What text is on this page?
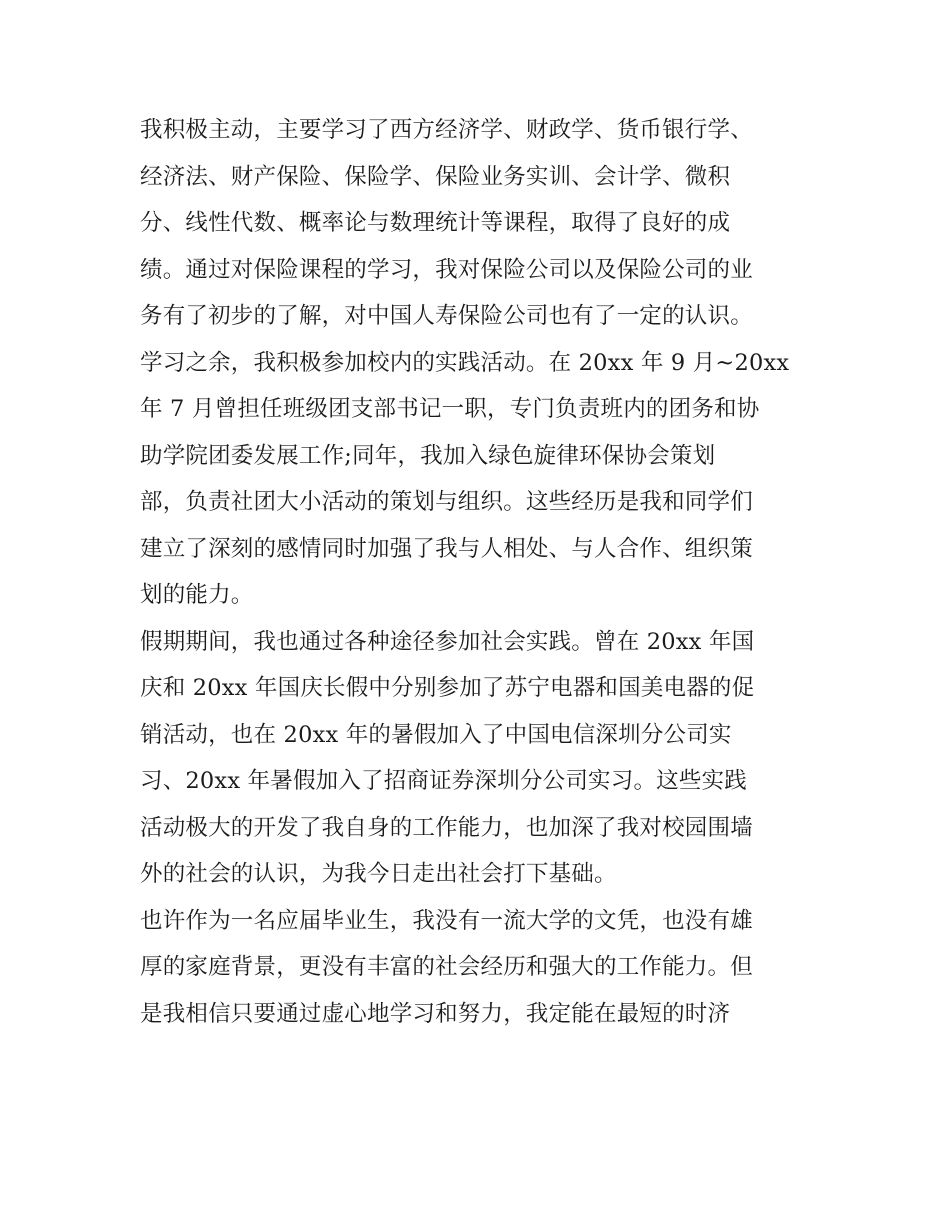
我积极主动，主要学习了西方经济学、财政学、货币银行学、
经济法、财产保险、保险学、保险业务实训、会计学、微积
分、线性代数、概率论与数理统计等课程，取得了良好的成
绩。通过对保险课程的学习，我对保险公司以及保险公司的业
务有了初步的了解，对中国人寿保险公司也有了一定的认识。
学习之余，我积极参加校内的实践活动。在 20xx 年 9 月~20xx
年 7 月曾担任班级团支部书记一职，专门负责班内的团务和协
助学院团委发展工作;同年，我加入绿色旋律环保协会策划
部，负责社团大小活动的策划与组织。这些经历是我和同学们
建立了深刻的感情同时加强了我与人相处、与人合作、组织策
划的能力。
假期期间，我也通过各种途径参加社会实践。曾在 20xx 年国
庆和 20xx 年国庆长假中分别参加了苏宁电器和国美电器的促
销活动，也在 20xx 年的暑假加入了中国电信深圳分公司实
习、20xx 年暑假加入了招商证券深圳分公司实习。这些实践
活动极大的开发了我自身的工作能力，也加深了我对校园围墙
外的社会的认识，为我今日走出社会打下基础。
也许作为一名应届毕业生，我没有一流大学的文凭，也没有雄
厚的家庭背景，更没有丰富的社会经历和强大的工作能力。但
是我相信只要通过虚心地学习和努力，我定能在最短的时济
